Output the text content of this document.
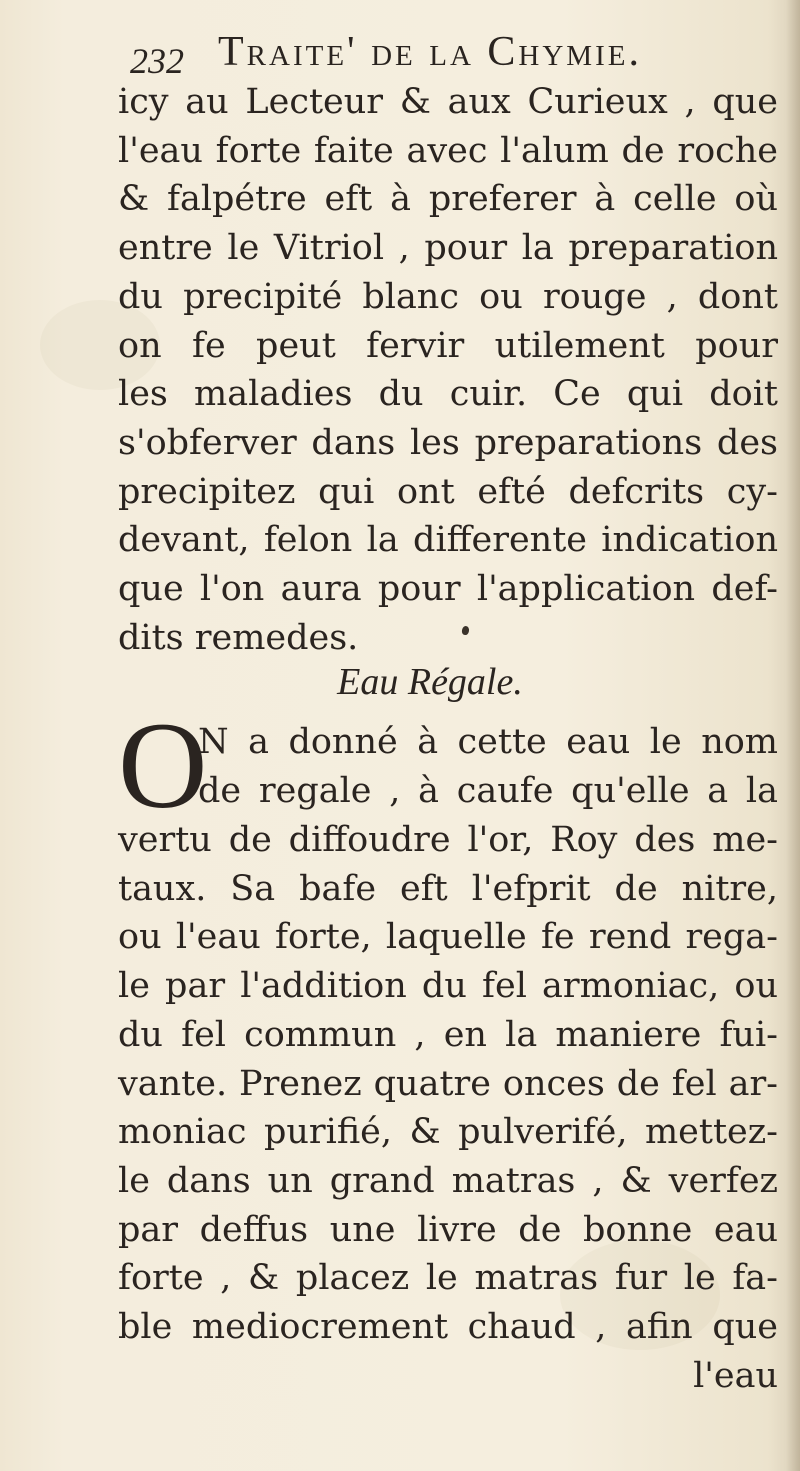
232 Traite' de la Chymie.

icy au Lecteur & aux Curieux , que
l'eau forte faite avec l'alum de roche
& falpétre eft à preferer à celle où
entre le Vitriol , pour la preparation
du precipité blanc ou rouge , dont
on fe peut fervir utilement pour
les maladies du cuir. Ce qui doit
s'obferver dans les preparations des
precipitez qui ont efté defcrits cy-
devant, felon la differente indication
que l'on aura pour l'application def-
dits remedes.

Eau Régale.
O

N a donné à cette eau le nom
de regale , à caufe qu'elle a la

vertu de diffoudre l'or, Roy des me-
taux. Sa bafe eft l'efprit de nitre,
ou l'eau forte, laquelle fe rend rega-
le par l'addition du fel armoniac, ou
du fel commun , en la maniere fui-
vante. Prenez quatre onces de fel ar-
moniac purifié, & pulverifé, mettez-
le dans un grand matras , & verfez
par deffus une livre de bonne eau
forte , & placez le matras fur le fa-
ble mediocrement chaud , afin que
l'eau
